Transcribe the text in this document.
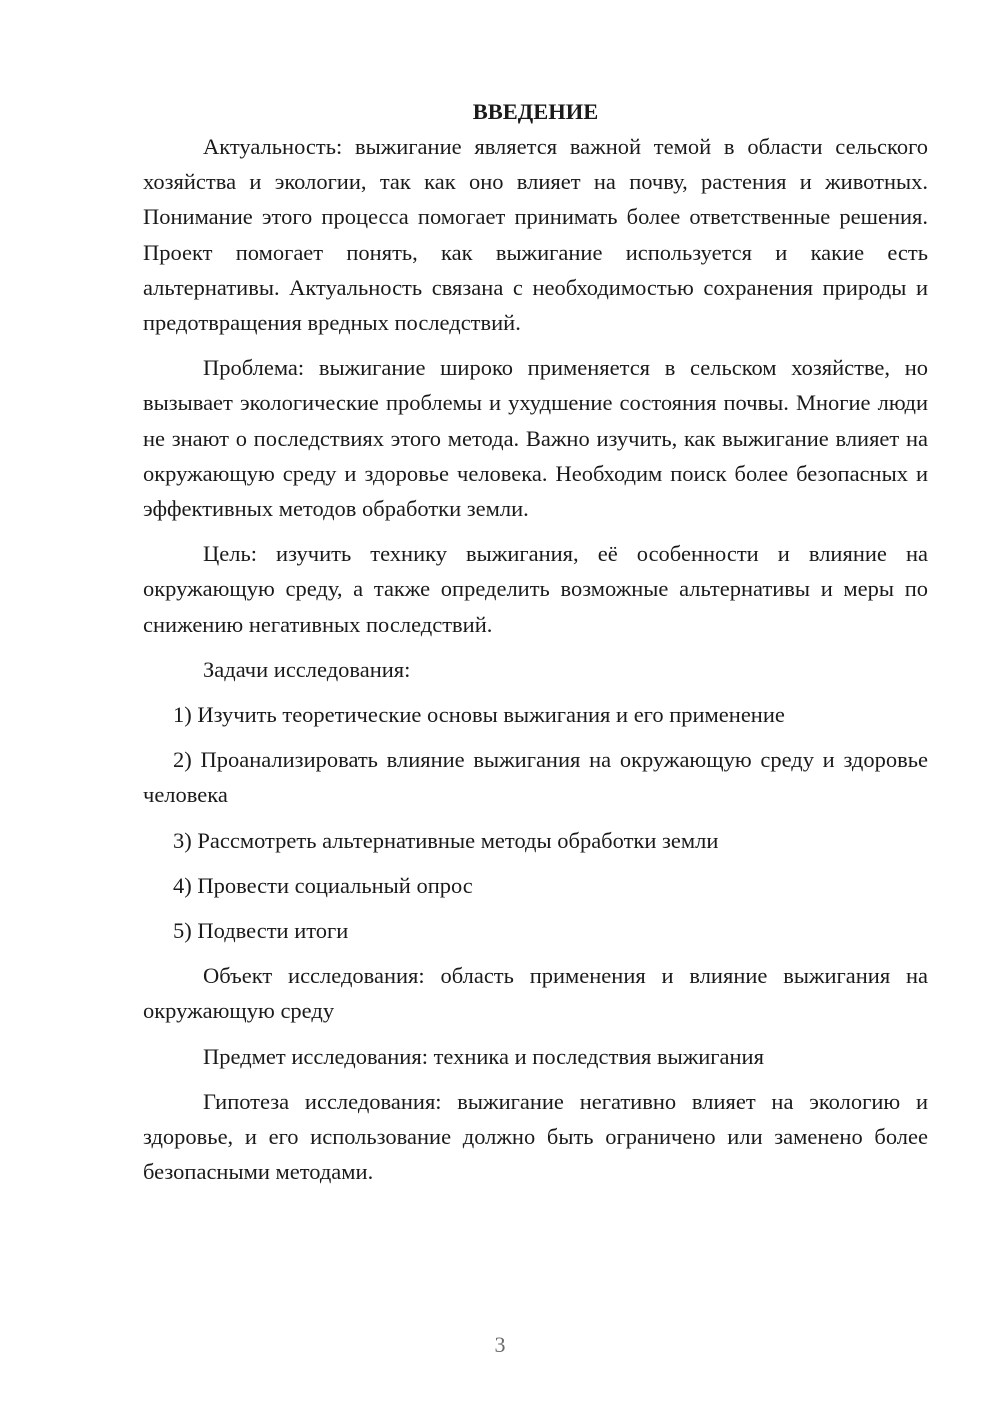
ВВЕДЕНИЕ

Актуальность: выжигание является важной темой в области сельского хозяйства и экологии, так как оно влияет на почву, растения и животных. Понимание этого процесса помогает принимать более ответственные решения. Проект помогает понять, как выжигание используется и какие есть альтернативы. Актуальность связана с необходимостью сохранения природы и предотвращения вредных последствий.

Проблема: выжигание широко применяется в сельском хозяйстве, но вызывает экологические проблемы и ухудшение состояния почвы. Многие люди не знают о последствиях этого метода. Важно изучить, как выжигание влияет на окружающую среду и здоровье человека. Необходим поиск более безопасных и эффективных методов обработки земли.

Цель: изучить технику выжигания, её особенности и влияние на окружающую среду, а также определить возможные альтернативы и меры по снижению негативных последствий.

Задачи исследования:

1) Изучить теоретические основы выжигания и его применение

2) Проанализировать влияние выжигания на окружающую среду и здоровье человека

3) Рассмотреть альтернативные методы обработки земли

4) Провести социальный опрос

5) Подвести итоги

Объект исследования: область применения и влияние выжигания на окружающую среду

Предмет исследования: техника и последствия выжигания

Гипотеза исследования: выжигание негативно влияет на экологию и здоровье, и его использование должно быть ограничено или заменено более безопасными методами.

3
